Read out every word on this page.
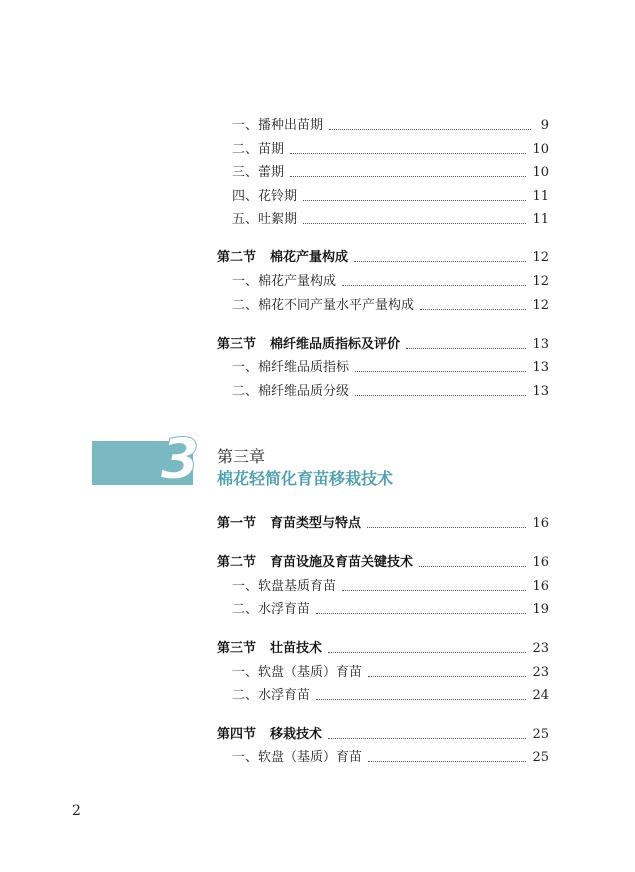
一、播种出苗期	9
二、苗期	10
三、蕾期	10
四、花铃期	11
五、吐絮期	11
第二节 棉花产量构成	12
一、棉花产量构成	12
二、棉花不同产量水平产量构成	12
第三节 棉纤维品质指标及评价	13
一、棉纤维品质指标	13
二、棉纤维品质分级	13
3 第三章
棉花轻简化育苗移栽技术
第一节 育苗类型与特点	16
第二节 育苗设施及育苗关键技术	16
一、软盘基质育苗	16
二、水浮育苗	19
第三节 壮苗技术	23
一、软盘（基质）育苗	23
二、水浮育苗	24
第四节 移栽技术	25
一、软盘（基质）育苗	25
2
